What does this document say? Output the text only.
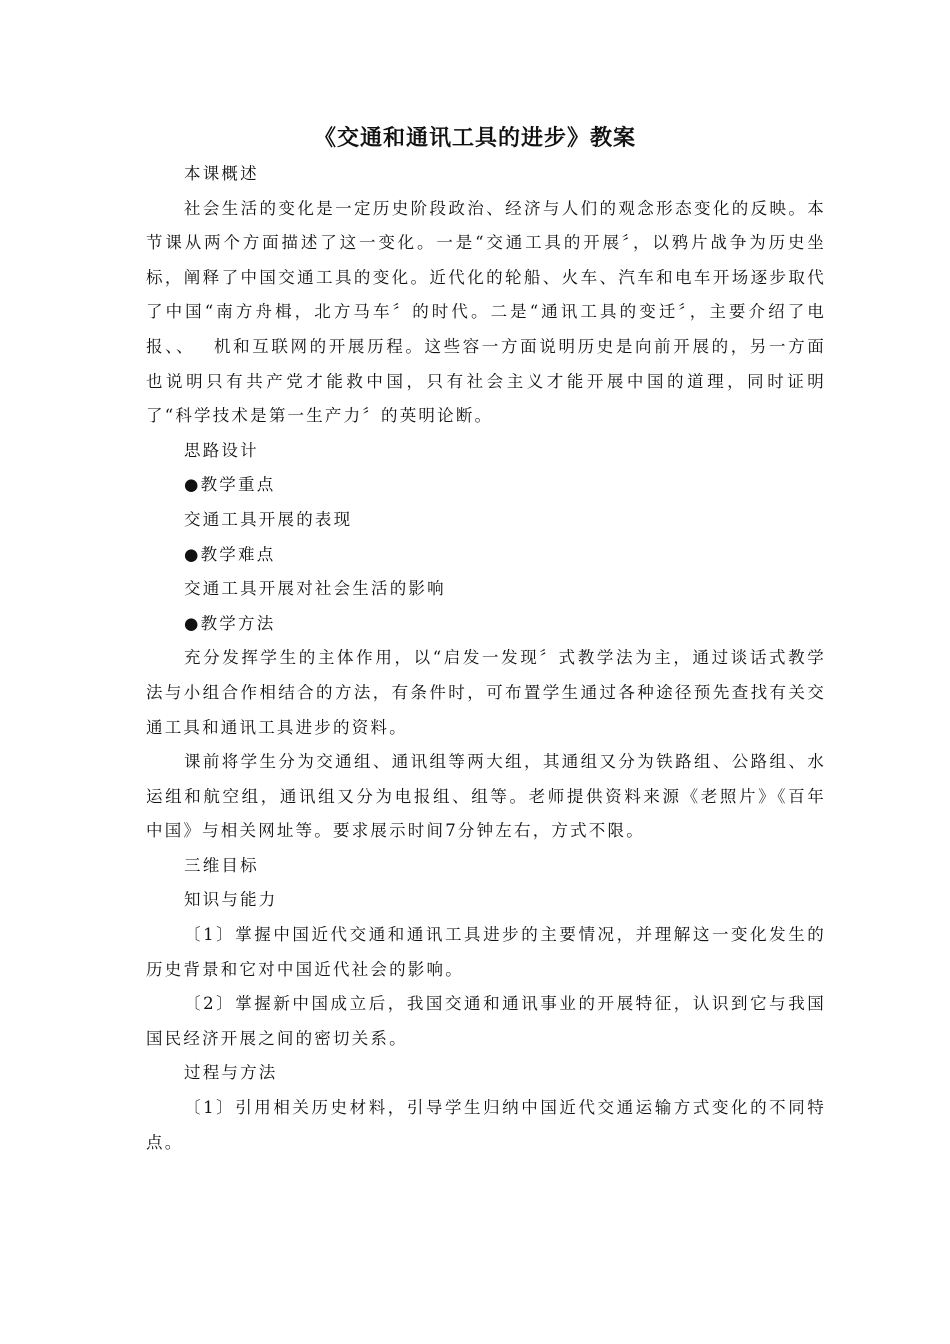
《交通和通讯工具的进步》教案

本课概述

社会生活的变化是一定历史阶段政治、经济与人们的观念形态变化的反映。本节课从两个方面描述了这一变化。一是“交通工具的开展〞，以鸦片战争为历史坐标，阐释了中国交通工具的变化。近代化的轮船、火车、汽车和电车开场逐步取代了中国“南方舟楫，北方马车〞的时代。二是“通讯工具的变迁〞，主要介绍了电报、、　 机和互联网的开展历程。这些容一方面说明历史是向前开展的，另一方面也说明只有共产党才能救中国，只有社会主义才能开展中国的道理，同时证明了“科学技术是第一生产力〞的英明论断。

思路设计

●教学重点

交通工具开展的表现

●教学难点

交通工具开展对社会生活的影响

●教学方法

充分发挥学生的主体作用，以“启发一发现〞式教学法为主，通过谈话式教学法与小组合作相结合的方法，有条件时，可布置学生通过各种途径预先查找有关交通工具和通讯工具进步的资料。

课前将学生分为交通组、通讯组等两大组，其通组又分为铁路组、公路组、水运组和航空组，通讯组又分为电报组、组等。老师提供资料来源《老照片》《百年中国》与相关网址等。要求展示时间7分钟左右，方式不限。

三维目标

知识与能力

〔1〕掌握中国近代交通和通讯工具进步的主要情况，并理解这一变化发生的历史背景和它对中国近代社会的影响。

〔2〕掌握新中国成立后，我国交通和通讯事业的开展特征，认识到它与我国国民经济开展之间的密切关系。

过程与方法

〔1〕引用相关历史材料，引导学生归纳中国近代交通运输方式变化的不同特点。
